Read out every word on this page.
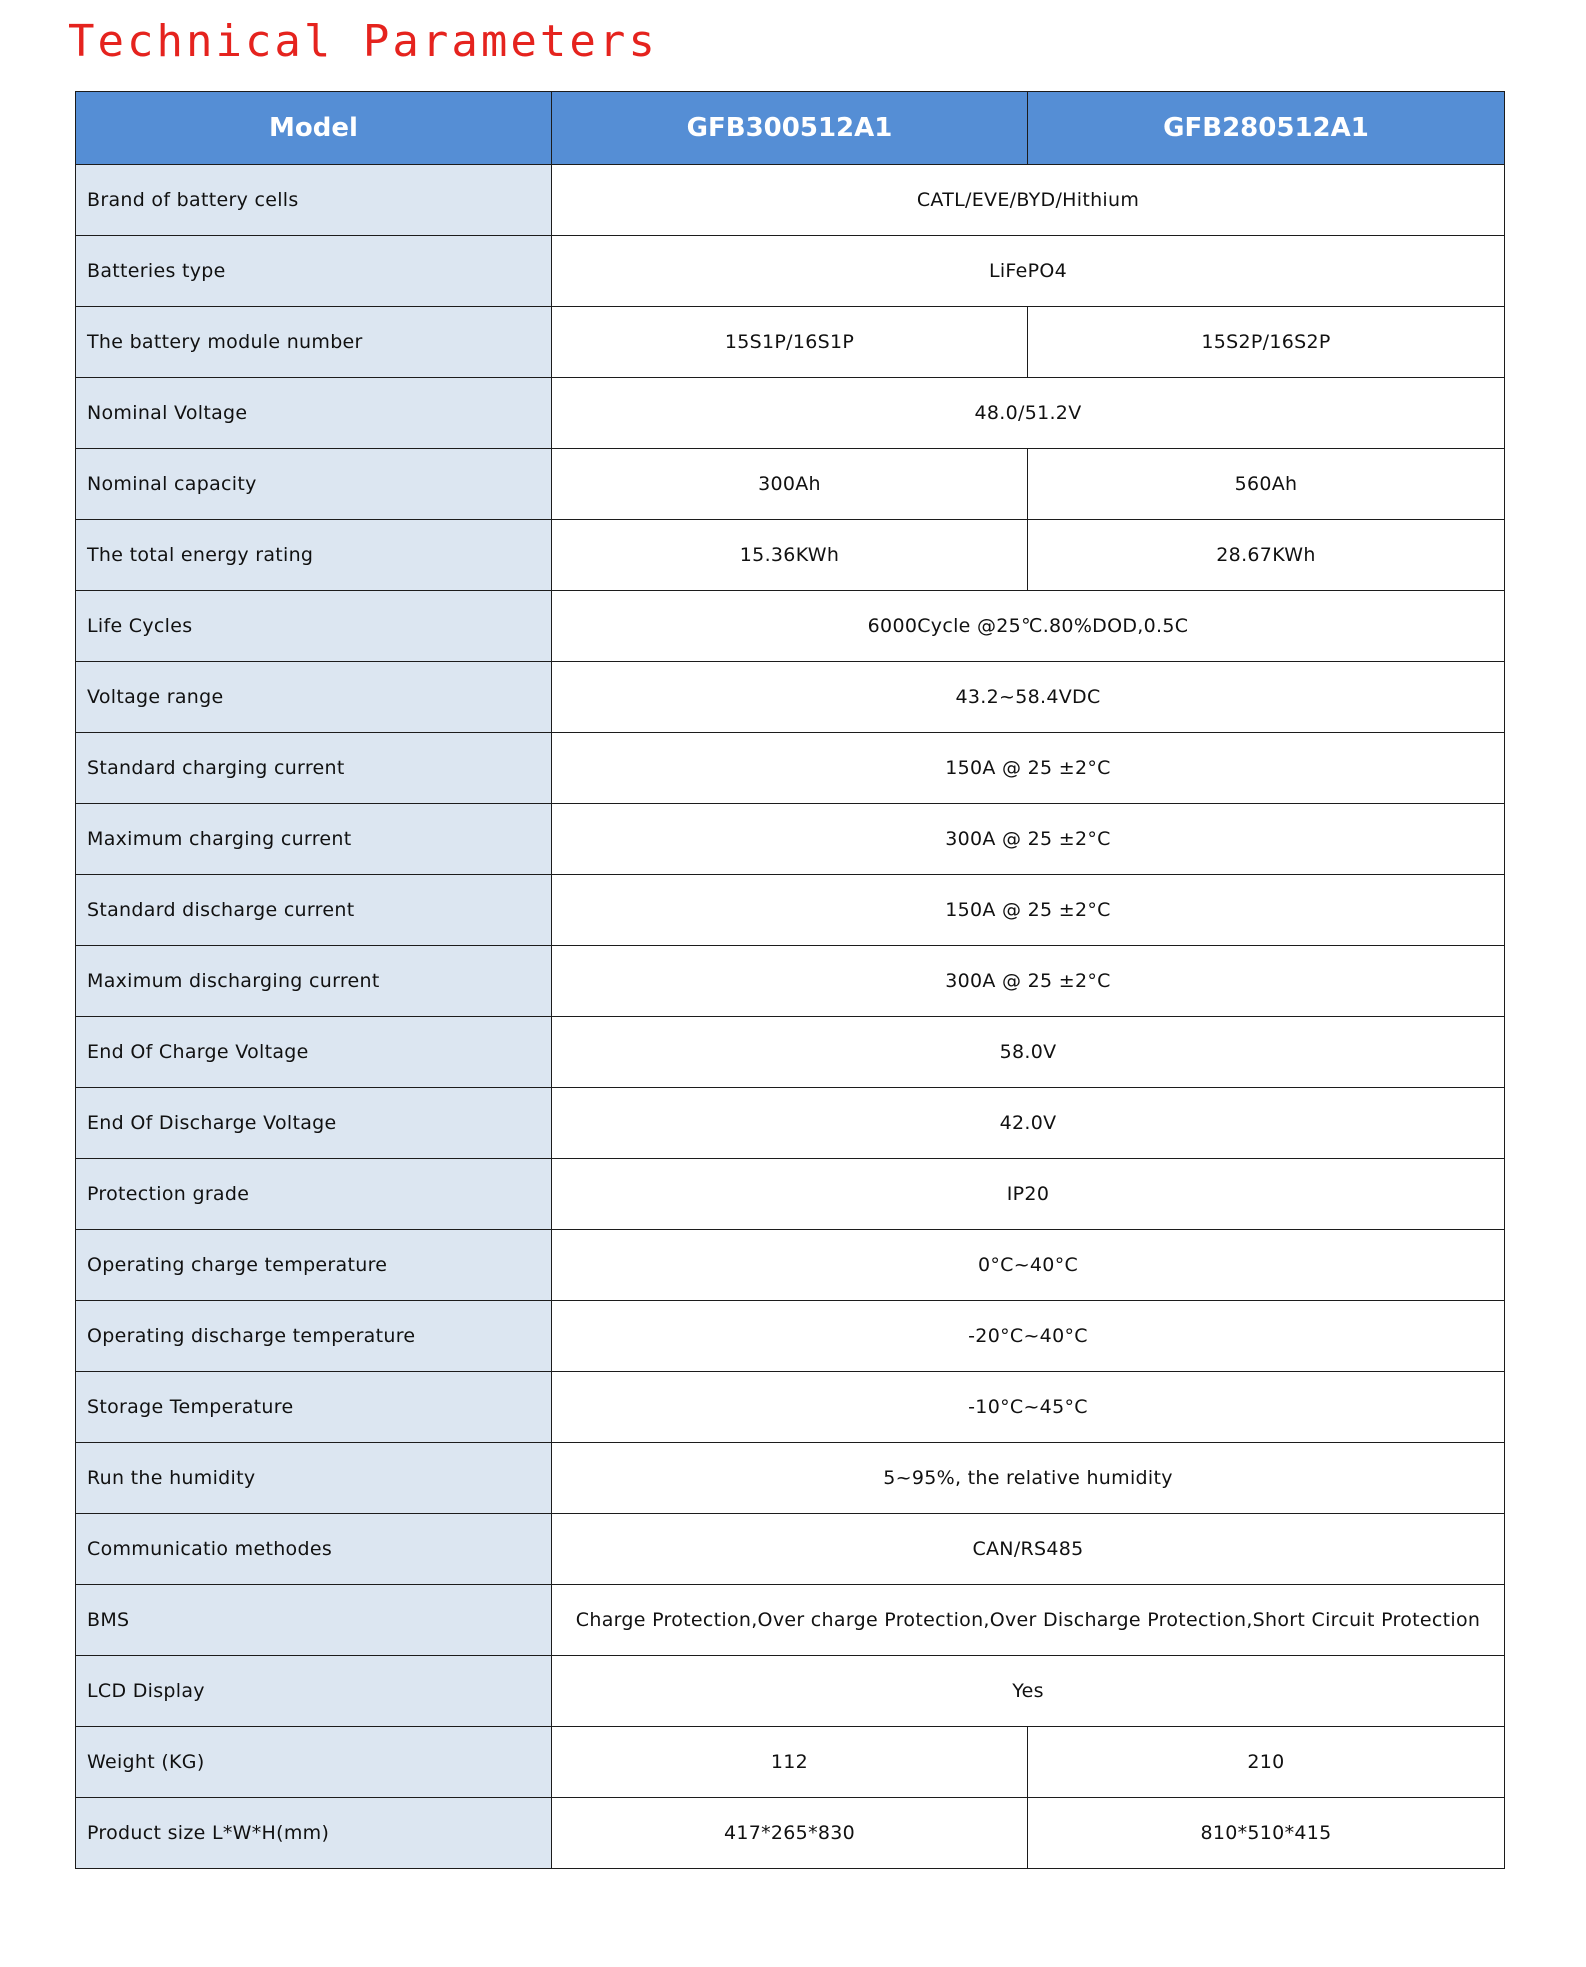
Technical Parameters
Model	GFB300512A1	GFB280512A1
Brand of battery cells	CATL/EVE/BYD/Hithium	
Batteries type	LiFePO4	
The battery module number	15S1P/16S1P	15S2P/16S2P
Nominal Voltage	48.0/51.2V	
Nominal capacity	300Ah	560Ah
The total energy rating	15.36KWh	28.67KWh
Life Cycles	6000Cycle @25℃.80%DOD,0.5C	
Voltage range	43.2~58.4VDC	
Standard charging current	150A @ 25 ±2°C	
Maximum charging current	300A @ 25 ±2°C	
Standard discharge current	150A @ 25 ±2°C	
Maximum discharging current	300A @ 25 ±2°C	
End Of Charge Voltage	58.0V	
End Of Discharge Voltage	42.0V	
Protection grade	IP20	
Operating charge temperature	0°C~40°C	
Operating discharge temperature	-20°C~40°C	
Storage Temperature	-10°C~45°C	
Run the humidity	5~95%, the relative humidity	
Communicatio methodes	CAN/RS485	
BMS	Charge Protection,Over charge Protection,Over Discharge Protection,Short Circuit Protection	
LCD Display	Yes	
Weight (KG)	112	210
Product size L*W*H(mm)	417*265*830	810*510*415
